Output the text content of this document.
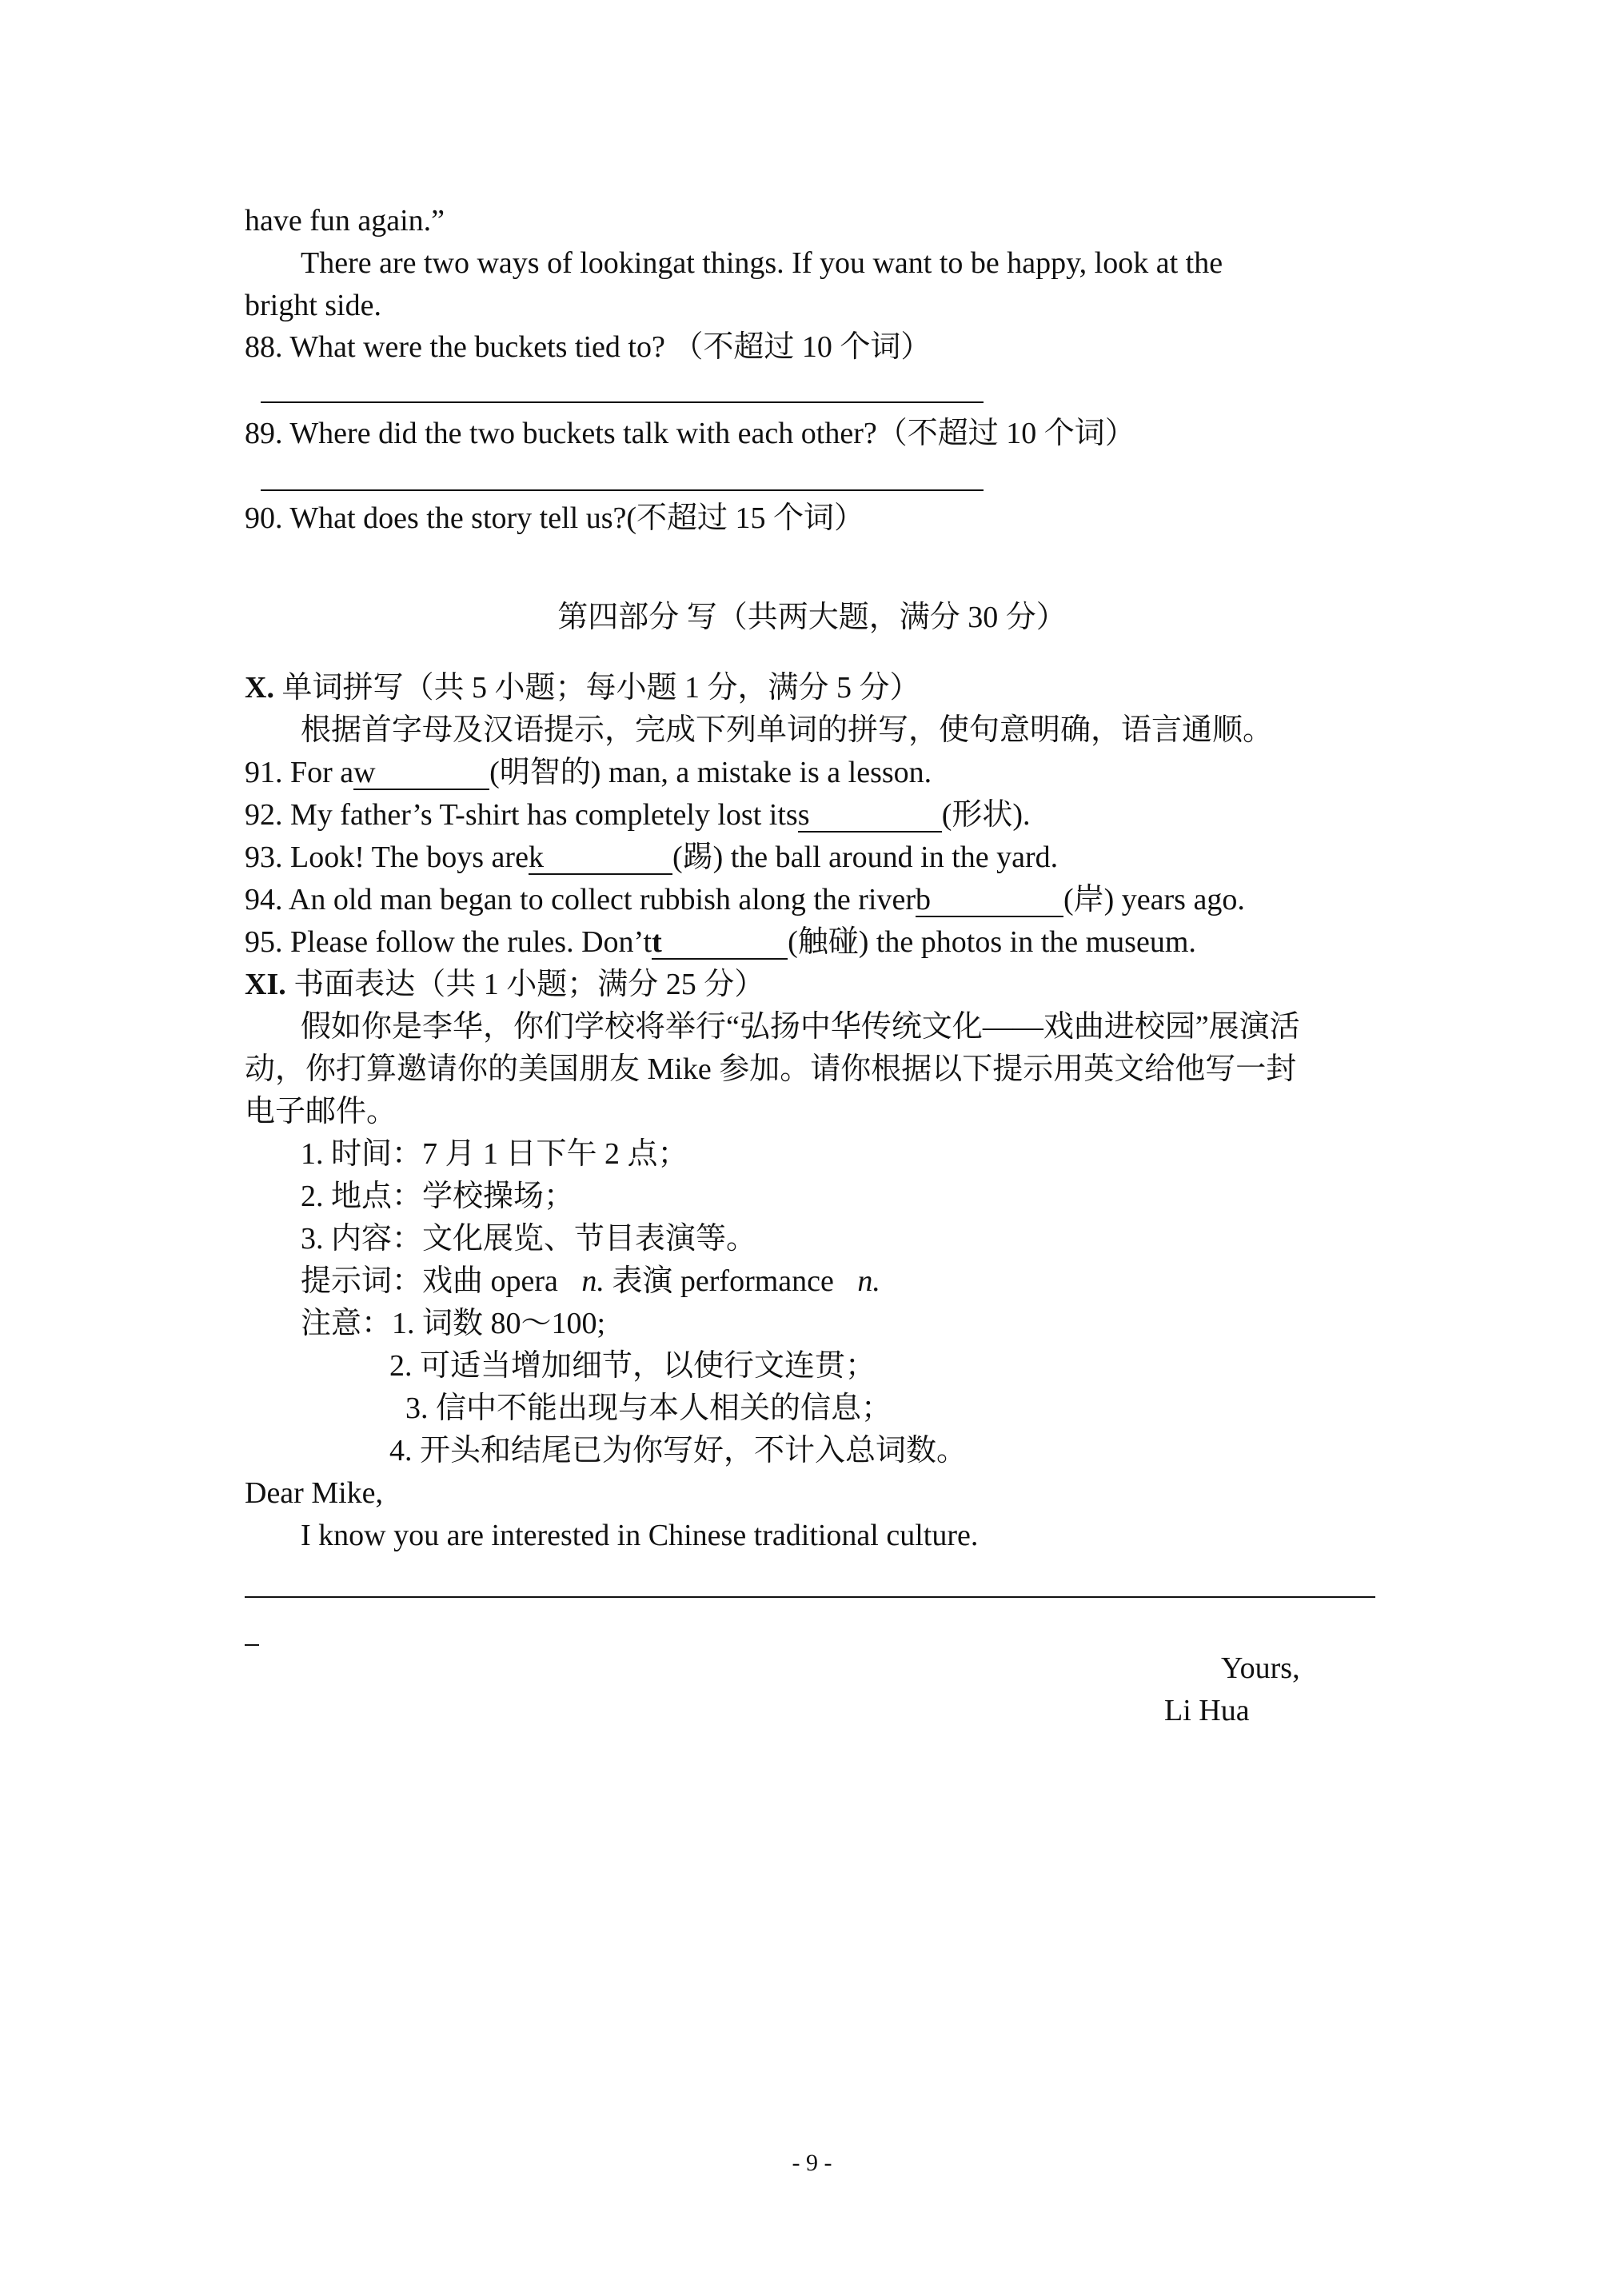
have fun again.”
There are two ways of lookingat things. If you want to be happy, look at the
bright side.
88. What were the buckets tied to? （不超过 10 个词）
89. Where did the two buckets talk with each other?（不超过 10 个词）
90. What does the story tell us?(不超过 15 个词）
第四部分 写（共两大题，满分 30 分）
X. 单词拼写（共 5 小题；每小题 1 分，满分 5 分）
根据首字母及汉语提示，完成下列单词的拼写，使句意明确，语言通顺。
91. For aw	(明智的) man, a mistake is a lesson.
92. My father’s T-shirt has completely lost itss	(形状).
93. Look! The boys arek	(踢) the ball around in the yard.
94. An old man began to collect rubbish along the riverb	(岸) years ago.
95. Please follow the rules. Don’tt	(触碰) the photos in the museum.
XI. 书面表达（共 1 小题；满分 25 分）
假如你是李华，你们学校将举行“弘扬中华传统文化——戏曲进校园”展演活
动，你打算邀请你的美国朋友 Mike 参加。请你根据以下提示用英文给他写一封
电子邮件。
1. 时间：7 月 1 日下午 2 点；
2. 地点：学校操场；
3. 内容：文化展览、节目表演等。
提示词：戏曲 opera n. 表演 performance n.
注意：1. 词数 80～100;
2. 可适当增加细节，以使行文连贯；
3. 信中不能出现与本人相关的信息；
4. 开头和结尾已为你写好，不计入总词数。
Dear Mike,
I know you are interested in Chinese traditional culture.
Yours,
Li Hua
- 9 -
